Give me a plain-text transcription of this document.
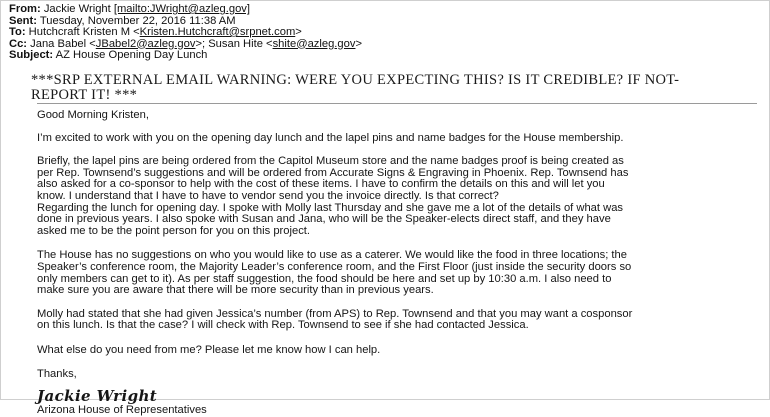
From: Jackie Wright [mailto:JWright@azleg.gov]
Sent: Tuesday, November 22, 2016 11:38 AM
To: Hutchcraft Kristen M <Kristen.Hutchcraft@srpnet.com>
Cc: Jana Babel <JBabel2@azleg.gov>; Susan Hite <shite@azleg.gov>
Subject: AZ House Opening Day Lunch
***SRP EXTERNAL EMAIL WARNING: WERE YOU EXPECTING THIS? IS IT CREDIBLE? IF NOT-
REPORT IT! ***

Good Morning Kristen,

I’m excited to work with you on the opening day lunch and the lapel pins and name badges for the House membership.

Briefly, the lapel pins are being ordered from the Capitol Museum store and the name badges proof is being created as
per Rep. Townsend’s suggestions and will be ordered from Accurate Signs & Engraving in Phoenix. Rep. Townsend has
also asked for a co-sponsor to help with the cost of these items. I have to confirm the details on this and will let you
know. I understand that I have to have to vendor send you the invoice directly. Is that correct?

Regarding the lunch for opening day. I spoke with Molly last Thursday and she gave me a lot of the details of what was
done in previous years. I also spoke with Susan and Jana, who will be the Speaker-elects direct staff, and they have
asked me to be the point person for you on this project.

The House has no suggestions on who you would like to use as a caterer. We would like the food in three locations; the
Speaker’s conference room, the Majority Leader’s conference room, and the First Floor (just inside the security doors so
only members can get to it). As per staff suggestion, the food should be here and set up by 10:30 a.m. I also need to
make sure you are aware that there will be more security than in previous years.

Molly had stated that she had given Jessica’s number (from APS) to Rep. Townsend and that you may want a cosponsor
on this lunch. Is that the case? I will check with Rep. Townsend to see if she had contacted Jessica.

What else do you need from me? Please let me know how I can help.

Thanks,

Jackie Wright

Arizona House of Representatives
